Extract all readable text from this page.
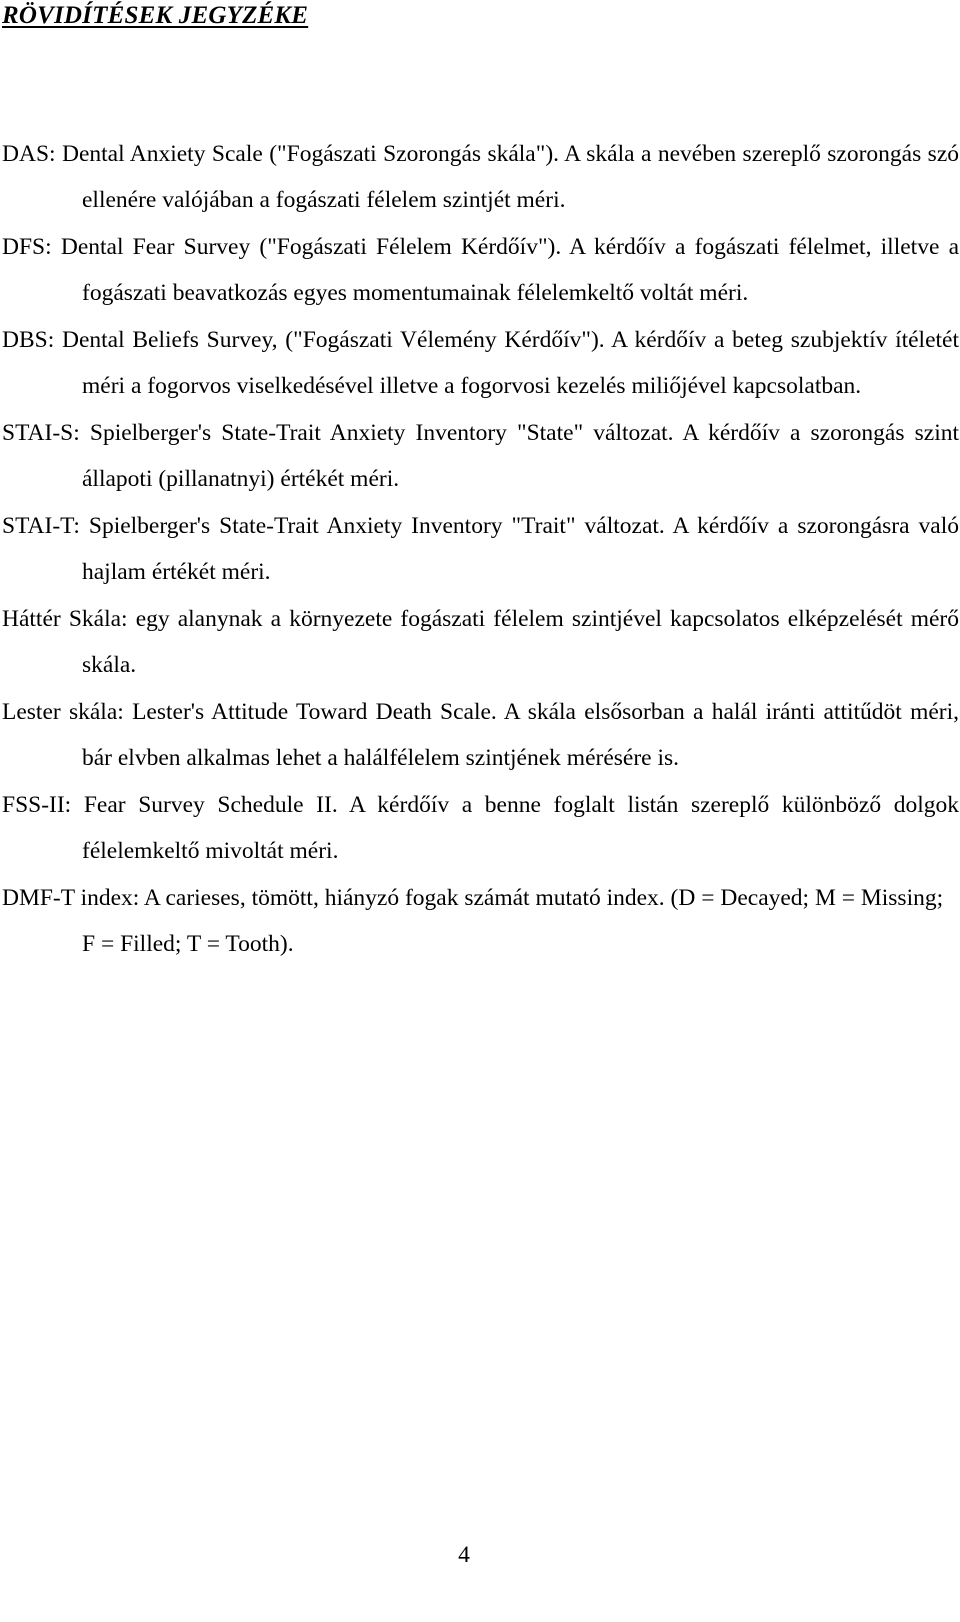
RÖVIDÍTÉSEK JEGYZÉKE
DAS: Dental Anxiety Scale ("Fogászati Szorongás skála"). A skála a nevében szereplő szorongás szó ellenére valójában a fogászati félelem szintjét méri.
DFS: Dental Fear Survey ("Fogászati Félelem Kérdőív"). A kérdőív a fogászati félelmet, illetve a fogászati beavatkozás egyes momentumainak félelemkeltő voltát méri.
DBS: Dental Beliefs Survey, ("Fogászati Vélemény Kérdőív"). A kérdőív a beteg szubjektív ítéletét méri a fogorvos viselkedésével illetve a fogorvosi kezelés miliőjével kapcsolatban.
STAI-S: Spielberger's State-Trait Anxiety Inventory "State" változat. A kérdőív a szorongás szint állapoti (pillanatnyi) értékét méri.
STAI-T: Spielberger's State-Trait Anxiety Inventory "Trait" változat. A kérdőív a szorongásra való hajlam értékét méri.
Háttér Skála: egy alanynak a környezete fogászati félelem szintjével kapcsolatos elképzelését mérő skála.
Lester skála: Lester's Attitude Toward Death Scale. A skála elsősorban a halál iránti attitűdöt méri, bár elvben alkalmas lehet a halálfélelem szintjének mérésére is.
FSS-II: Fear Survey Schedule II. A kérdőív a benne foglalt listán szereplő különböző dolgok félelemkeltő mivoltát méri.
DMF-T index: A carieses, tömött, hiányzó fogak számát mutató index. (D = Decayed; M = Missing; F = Filled; T = Tooth).
4
